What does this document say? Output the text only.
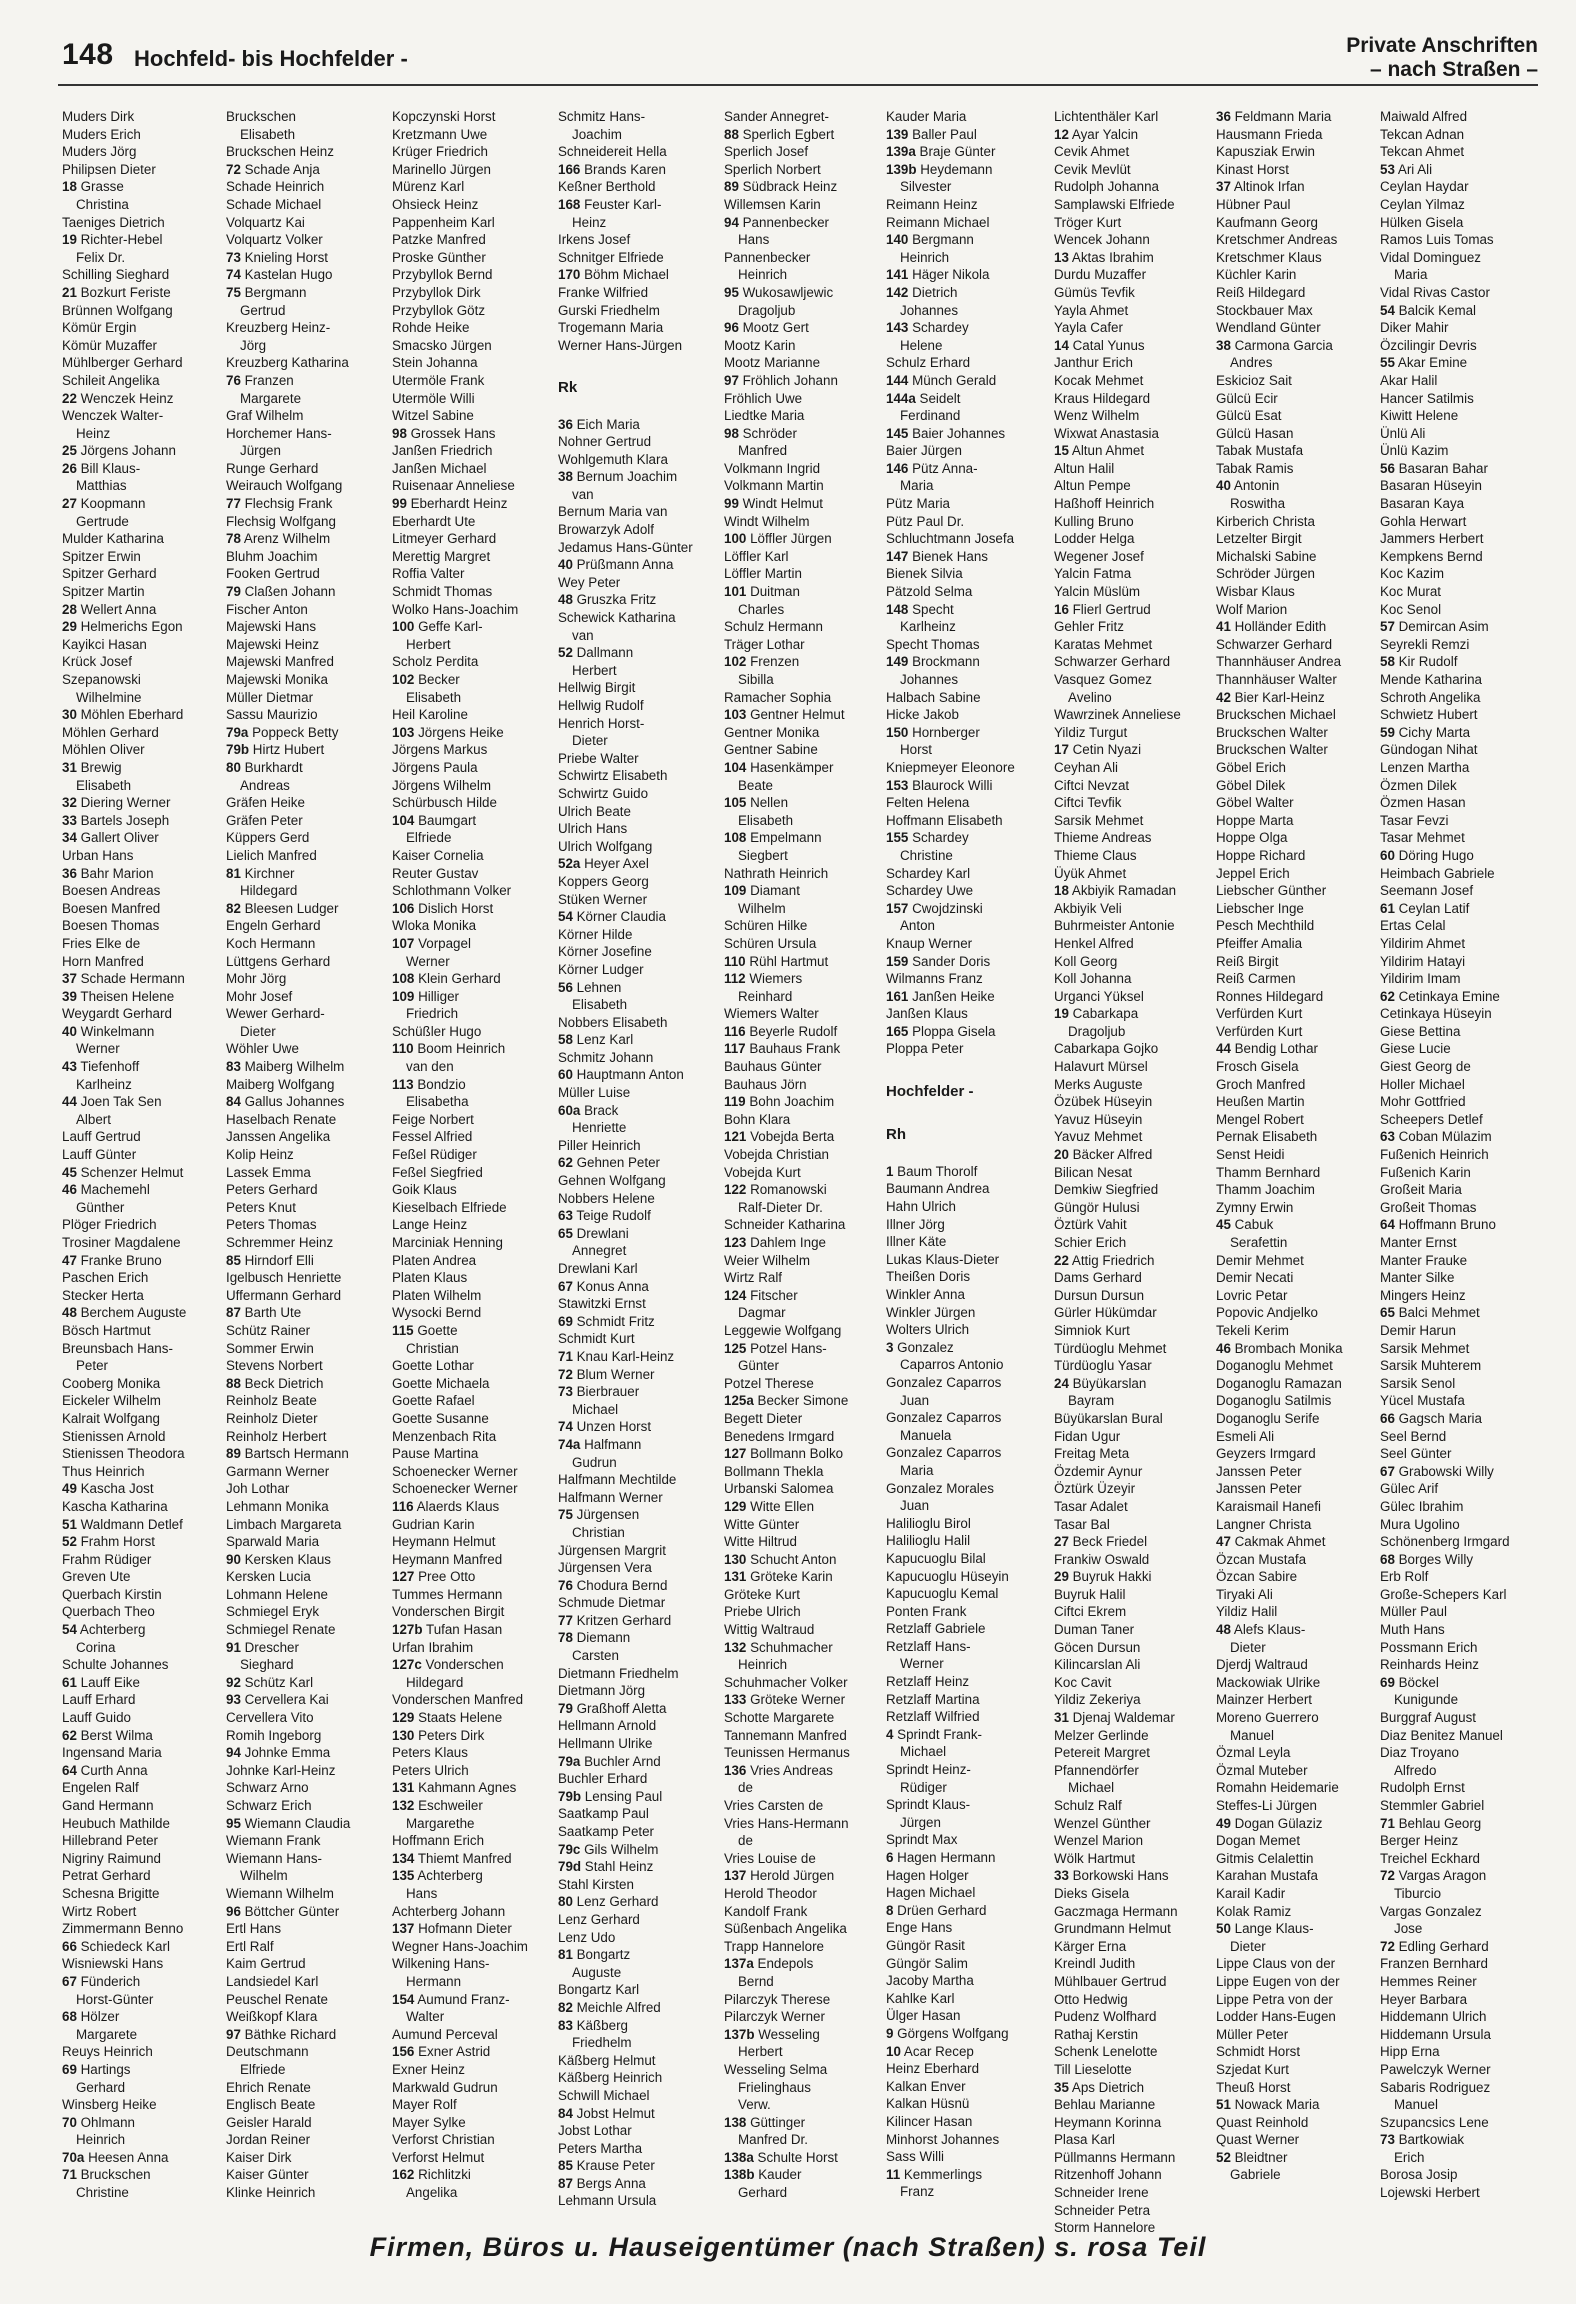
148 Hochfeld- bis Hochfelder -
Private Anschriften
– nach Straßen –
Muders Dirk
Muders Erich
Muders Jörg
Philipsen Dieter
18 Grasse
Christina
Taeniges Dietrich
19 Richter-Hebel
Felix Dr.
Schilling Sieghard
21 Bozkurt Feriste
Brünnen Wolfgang
Kömür Ergin
Kömür Muzaffer
Mühlberger Gerhard
Schileit Angelika
22 Wenczek Heinz
Wenczek Walter-
Heinz
25 Jörgens Johann
26 Bill Klaus-
Matthias
27 Koopmann
Gertrude
Mulder Katharina
Spitzer Erwin
Spitzer Gerhard
Spitzer Martin
28 Wellert Anna
29 Helmerichs Egon
Kayikci Hasan
Krück Josef
Szepanowski
Wilhelmine
30 Möhlen Eberhard
Möhlen Gerhard
Möhlen Oliver
31 Brewig
Elisabeth
32 Diering Werner
33 Bartels Joseph
34 Gallert Oliver
Urban Hans
36 Bahr Marion
Boesen Andreas
Boesen Manfred
Boesen Thomas
Fries Elke de
Horn Manfred
37 Schade Hermann
39 Theisen Helene
Weygardt Gerhard
40 Winkelmann
Werner
43 Tiefenhoff
Karlheinz
44 Joen Tak Sen
Albert
Lauff Gertrud
Lauff Günter
45 Schenzer Helmut
46 Machemehl
Günther
Plöger Friedrich
Trosiner Magdalene
47 Franke Bruno
Paschen Erich
Stecker Herta
48 Berchem Auguste
Bösch Hartmut
Breunsbach Hans-
Peter
Cooberg Monika
Eickeler Wilhelm
Kalrait Wolfgang
Stienissen Arnold
Stienissen Theodora
Thus Heinrich
49 Kascha Jost
Kascha Katharina
51 Waldmann Detlef
52 Frahm Horst
Frahm Rüdiger
Greven Ute
Querbach Kirstin
Querbach Theo
54 Achterberg
Corina
Schulte Johannes
61 Lauff Eike
Lauff Erhard
Lauff Guido
62 Berst Wilma
Ingensand Maria
64 Curth Anna
Engelen Ralf
Gand Hermann
Heubuch Mathilde
Hillebrand Peter
Nigriny Raimund
Petrat Gerhard
Schesna Brigitte
Wirtz Robert
Zimmermann Benno
66 Schiedeck Karl
Wisniewski Hans
67 Fünderich
Horst-Günter
68 Hölzer
Margarete
Reuys Heinrich
69 Hartings
Gerhard
Winsberg Heike
70 Ohlmann
Heinrich
70a Heesen Anna
71 Bruckschen
Christine
Bruckschen
Elisabeth
Bruckschen Heinz
72 Schade Anja
Schade Heinrich
Schade Michael
Volquartz Kai
Volquartz Volker
73 Knieling Horst
74 Kastelan Hugo
75 Bergmann
Gertrud
Kreuzberg Heinz-
Jörg
Kreuzberg Katharina
76 Franzen
Margarete
Graf Wilhelm
Horchemer Hans-
Jürgen
Runge Gerhard
Weirauch Wolfgang
77 Flechsig Frank
Flechsig Wolfgang
78 Arenz Wilhelm
Bluhm Joachim
Fooken Gertrud
79 Claßen Johann
Fischer Anton
Majewski Hans
Majewski Heinz
Majewski Manfred
Majewski Monika
Müller Dietmar
Sassu Maurizio
79a Poppeck Betty
79b Hirtz Hubert
80 Burkhardt
Andreas
Gräfen Heike
Gräfen Peter
Küppers Gerd
Lielich Manfred
81 Kirchner
Hildegard
82 Bleesen Ludger
Engeln Gerhard
Koch Hermann
Lüttgens Gerhard
Mohr Jörg
Mohr Josef
Wewer Gerhard-
Dieter
Wöhler Uwe
83 Maiberg Wilhelm
Maiberg Wolfgang
84 Gallus Johannes
Haselbach Renate
Janssen Angelika
Kolip Heinz
Lassek Emma
Peters Gerhard
Peters Knut
Peters Thomas
Schremmer Heinz
85 Hirndorf Elli
Igelbusch Henriette
Uffermann Gerhard
87 Barth Ute
Schütz Rainer
Sommer Erwin
Stevens Norbert
88 Beck Dietrich
Reinholz Beate
Reinholz Dieter
Reinholz Herbert
89 Bartsch Hermann
Garmann Werner
Joh Lothar
Lehmann Monika
Limbach Margareta
Sparwald Maria
90 Kersken Klaus
Kersken Lucia
Lohmann Helene
Schmiegel Eryk
Schmiegel Renate
91 Drescher
Sieghard
92 Schütz Karl
93 Cervellera Kai
Cervellera Vito
Romih Ingeborg
94 Johnke Emma
Johnke Karl-Heinz
Schwarz Arno
Schwarz Erich
95 Wiemann Claudia
Wiemann Frank
Wiemann Hans-
Wilhelm
Wiemann Wilhelm
96 Böttcher Günter
Ertl Hans
Ertl Ralf
Kaim Gertrud
Landsiedel Karl
Peuschel Renate
Weißkopf Klara
97 Bäthke Richard
Deutschmann
Elfriede
Ehrich Renate
Englisch Beate
Geisler Harald
Jordan Reiner
Kaiser Dirk
Kaiser Günter
Klinke Heinrich
Kopczynski Horst
Kretzmann Uwe
Krüger Friedrich
Marinello Jürgen
Mürenz Karl
Ohsieck Heinz
Pappenheim Karl
Patzke Manfred
Proske Günther
Przybyllok Bernd
Przybyllok Dirk
Przybyllok Götz
Rohde Heike
Smacsko Jürgen
Stein Johanna
Utermöle Frank
Utermöle Willi
Witzel Sabine
98 Grossek Hans
Janßen Friedrich
Janßen Michael
Ruisenaar Anneliese
99 Eberhardt Heinz
Eberhardt Ute
Litmeyer Gerhard
Merettig Margret
Roffia Valter
Schmidt Thomas
Wolko Hans-Joachim
100 Geffe Karl-
Herbert
Scholz Perdita
102 Becker
Elisabeth
Heil Karoline
103 Jörgens Heike
Jörgens Markus
Jörgens Paula
Jörgens Wilhelm
Schürbusch Hilde
104 Baumgart
Elfriede
Kaiser Cornelia
Reuter Gustav
Schlothmann Volker
106 Dislich Horst
Wloka Monika
107 Vorpagel
Werner
108 Klein Gerhard
109 Hilliger
Friedrich
Schüßler Hugo
110 Boom Heinrich
van den
113 Bondzio
Elisabetha
Feige Norbert
Fessel Alfried
Feßel Rüdiger
Feßel Siegfried
Goik Klaus
Kieselbach Elfriede
Lange Heinz
Marciniak Henning
Platen Andrea
Platen Klaus
Platen Wilhelm
Wysocki Bernd
115 Goette
Christian
Goette Lothar
Goette Michaela
Goette Rafael
Goette Susanne
Menzenbach Rita
Pause Martina
Schoenecker Werner
Schoenecker Werner
116 Alaerds Klaus
Gudrian Karin
Heymann Helmut
Heymann Manfred
127 Pree Otto
Tummes Hermann
Vonderschen Birgit
127b Tufan Hasan
Urfan Ibrahim
127c Vonderschen
Hildegard
Vonderschen Manfred
129 Staats Helene
130 Peters Dirk
Peters Klaus
Peters Ulrich
131 Kahmann Agnes
132 Eschweiler
Margarethe
Hoffmann Erich
134 Thiemt Manfred
135 Achterberg
Hans
Achterberg Johann
137 Hofmann Dieter
Wegner Hans-Joachim
Wilkening Hans-
Hermann
154 Aumund Franz-
Walter
Aumund Perceval
156 Exner Astrid
Exner Heinz
Markwald Gudrun
Mayer Rolf
Mayer Sylke
Verforst Christian
Verforst Helmut
162 Richlitzki
Angelika
Schmitz Hans-
Joachim
Schneidereit Hella
166 Brands Karen
Keßner Berthold
168 Feuster Karl-
Heinz
Irkens Josef
Schnitger Elfriede
170 Böhm Michael
Franke Wilfried
Gurski Friedhelm
Trogemann Maria
Werner Hans-Jürgen
Rk
36 Eich Maria
Nohner Gertrud
Wohlgemuth Klara
38 Bernum Joachim
van
Bernum Maria van
Browarzyk Adolf
Jedamus Hans-Günter
40 Prüßmann Anna
Wey Peter
48 Gruszka Fritz
Schewick Katharina
van
52 Dallmann
Herbert
Hellwig Birgit
Hellwig Rudolf
Henrich Horst-
Dieter
Priebe Walter
Schwirtz Elisabeth
Schwirtz Guido
Ulrich Beate
Ulrich Hans
Ulrich Wolfgang
52a Heyer Axel
Koppers Georg
Stüken Werner
54 Körner Claudia
Körner Hilde
Körner Josefine
Körner Ludger
56 Lehnen
Elisabeth
Nobbers Elisabeth
58 Lenz Karl
Schmitz Johann
60 Hauptmann Anton
Müller Luise
60a Brack
Henriette
Piller Heinrich
62 Gehnen Peter
Gehnen Wolfgang
Nobbers Helene
63 Teige Rudolf
65 Drewlani
Annegret
Drewlani Karl
67 Konus Anna
Stawitzki Ernst
69 Schmidt Fritz
Schmidt Kurt
71 Knau Karl-Heinz
72 Blum Werner
73 Bierbrauer
Michael
74 Unzen Horst
74a Halfmann
Gudrun
Halfmann Mechtilde
Halfmann Werner
75 Jürgensen
Christian
Jürgensen Margrit
Jürgensen Vera
76 Chodura Bernd
Schmude Dietmar
77 Kritzen Gerhard
78 Diemann
Carsten
Dietmann Friedhelm
Dietmann Jörg
79 Graßhoff Aletta
Hellmann Arnold
Hellmann Ulrike
79a Buchler Arnd
Buchler Erhard
79b Lensing Paul
Saatkamp Paul
Saatkamp Peter
79c Gils Wilhelm
79d Stahl Heinz
Stahl Kirsten
80 Lenz Gerhard
Lenz Gerhard
Lenz Udo
81 Bongartz
Auguste
Bongartz Karl
82 Meichle Alfred
83 Käßberg
Friedhelm
Käßberg Helmut
Käßberg Heinrich
Schwill Michael
84 Jobst Helmut
Jobst Lothar
Peters Martha
85 Krause Peter
87 Bergs Anna
Lehmann Ursula
Sander Annegret-
88 Sperlich Egbert
Sperlich Josef
Sperlich Norbert
89 Südbrack Heinz
Willemsen Karin
94 Pannenbecker
Hans
Pannenbecker
Heinrich
95 Wukosawljewic
Dragoljub
96 Mootz Gert
Mootz Karin
Mootz Marianne
97 Fröhlich Johann
Fröhlich Uwe
Liedtke Maria
98 Schröder
Manfred
Volkmann Ingrid
Volkmann Martin
99 Windt Helmut
Windt Wilhelm
100 Löffler Jürgen
Löffler Karl
Löffler Martin
101 Duitman
Charles
Schulz Hermann
Träger Lothar
102 Frenzen
Sibilla
Ramacher Sophia
103 Gentner Helmut
Gentner Monika
Gentner Sabine
104 Hasenkämper
Beate
105 Nellen
Elisabeth
108 Empelmann
Siegbert
Nathrath Heinrich
109 Diamant
Wilhelm
Schüren Hilke
Schüren Ursula
110 Rühl Hartmut
112 Wiemers
Reinhard
Wiemers Walter
116 Beyerle Rudolf
117 Bauhaus Frank
Bauhaus Günter
Bauhaus Jörn
119 Bohn Joachim
Bohn Klara
121 Vobejda Berta
Vobejda Christian
Vobejda Kurt
122 Romanowski
Ralf-Dieter Dr.
Schneider Katharina
123 Dahlem Inge
Weier Wilhelm
Wirtz Ralf
124 Fitscher
Dagmar
Leggewie Wolfgang
125 Potzel Hans-
Günter
Potzel Therese
125a Becker Simone
Begett Dieter
Benedens Irmgard
127 Bollmann Bolko
Bollmann Thekla
Urbanski Salomea
129 Witte Ellen
Witte Günter
Witte Hiltrud
130 Schucht Anton
131 Gröteke Karin
Gröteke Kurt
Priebe Ulrich
Wittig Waltraud
132 Schuhmacher
Heinrich
Schuhmacher Volker
133 Gröteke Werner
Schotte Margarete
Tannemann Manfred
Teunissen Hermanus
136 Vries Andreas
de
Vries Carsten de
Vries Hans-Hermann
de
Vries Louise de
137 Herold Jürgen
Herold Theodor
Kandolf Frank
Süßenbach Angelika
Trapp Hannelore
137a Endepols
Bernd
Pilarczyk Therese
Pilarczyk Werner
137b Wesseling
Herbert
Wesseling Selma
Frielinghaus
Verw.
138 Güttinger
Manfred Dr.
138a Schulte Horst
138b Kauder
Gerhard
Kauder Maria
139 Baller Paul
139a Braje Günter
139b Heydemann
Silvester
Reimann Heinz
Reimann Michael
140 Bergmann
Heinrich
141 Häger Nikola
142 Dietrich
Johannes
143 Schardey
Helene
Schulz Erhard
144 Münch Gerald
144a Seidelt
Ferdinand
145 Baier Johannes
Baier Jürgen
146 Pütz Anna-
Maria
Pütz Maria
Pütz Paul Dr.
Schluchtmann Josefa
147 Bienek Hans
Bienek Silvia
Pätzold Selma
148 Specht
Karlheinz
Specht Thomas
149 Brockmann
Johannes
Halbach Sabine
Hicke Jakob
150 Hornberger
Horst
Kniepmeyer Eleonore
153 Blaurock Willi
Felten Helena
Hoffmann Elisabeth
155 Schardey
Christine
Schardey Karl
Schardey Uwe
157 Cwojdzinski
Anton
Knaup Werner
159 Sander Doris
Wilmanns Franz
161 Janßen Heike
Janßen Klaus
165 Ploppa Gisela
Ploppa Peter
Hochfelder -
Rh
1 Baum Thorolf
Baumann Andrea
Hahn Ulrich
Illner Jörg
Illner Käte
Lukas Klaus-Dieter
Theißen Doris
Winkler Anna
Winkler Jürgen
Wolters Ulrich
3 Gonzalez
Caparros Antonio
Gonzalez Caparros
Juan
Gonzalez Caparros
Manuela
Gonzalez Caparros
Maria
Gonzalez Morales
Juan
Halilioglu Birol
Halilioglu Halil
Kapucuoglu Bilal
Kapucuoglu Hüseyin
Kapucuoglu Kemal
Ponten Frank
Retzlaff Gabriele
Retzlaff Hans-
Werner
Retzlaff Heinz
Retzlaff Martina
Retzlaff Wilfried
4 Sprindt Frank-
Michael
Sprindt Heinz-
Rüdiger
Sprindt Klaus-
Jürgen
Sprindt Max
6 Hagen Hermann
Hagen Holger
Hagen Michael
8 Drüen Gerhard
Enge Hans
Güngör Rasit
Güngör Salim
Jacoby Martha
Kahlke Karl
Ülger Hasan
9 Görgens Wolfgang
10 Acar Recep
Heinz Eberhard
Kalkan Enver
Kalkan Hüsnü
Kilincer Hasan
Minhorst Johannes
Sass Willi
11 Kemmerlings
Franz
Lichtenthäler Karl
12 Ayar Yalcin
Cevik Ahmet
Cevik Mevlüt
Rudolph Johanna
Samplawski Elfriede
Tröger Kurt
Wencek Johann
13 Aktas Ibrahim
Durdu Muzaffer
Gümüs Tevfik
Yayla Ahmet
Yayla Cafer
14 Catal Yunus
Janthur Erich
Kocak Mehmet
Kraus Hildegard
Wenz Wilhelm
Wixwat Anastasia
15 Altun Ahmet
Altun Halil
Altun Pempe
Haßhoff Heinrich
Kulling Bruno
Lodder Helga
Wegener Josef
Yalcin Fatma
Yalcin Müslüm
16 Flierl Gertrud
Gehler Fritz
Karatas Mehmet
Schwarzer Gerhard
Vasquez Gomez
Avelino
Wawrzinek Anneliese
Yildiz Turgut
17 Cetin Nyazi
Ceyhan Ali
Ciftci Nevzat
Ciftci Tevfik
Sarsik Mehmet
Thieme Andreas
Thieme Claus
Üyük Ahmet
18 Akbiyik Ramadan
Akbiyik Veli
Buhrmeister Antonie
Henkel Alfred
Koll Georg
Koll Johanna
Urganci Yüksel
19 Cabarkapa
Dragoljub
Cabarkapa Gojko
Halavurt Mürsel
Merks Auguste
Özübek Hüseyin
Yavuz Hüseyin
Yavuz Mehmet
20 Bäcker Alfred
Bilican Nesat
Demkiw Siegfried
Güngör Hulusi
Öztürk Vahit
Schier Erich
22 Attig Friedrich
Dams Gerhard
Dursun Dursun
Gürler Hükümdar
Simniok Kurt
Türdüoglu Mehmet
Türdüoglu Yasar
24 Büyükarslan
Bayram
Büyükarslan Bural
Fidan Ugur
Freitag Meta
Özdemir Aynur
Öztürk Üzeyir
Tasar Adalet
Tasar Bal
27 Beck Friedel
Frankiw Oswald
29 Buyruk Hakki
Buyruk Halil
Ciftci Ekrem
Duman Taner
Göcen Dursun
Kilincarslan Ali
Koc Cavit
Yildiz Zekeriya
31 Djenaj Waldemar
Melzer Gerlinde
Petereit Margret
Pfannendörfer
Michael
Schulz Ralf
Wenzel Günther
Wenzel Marion
Wölk Hartmut
33 Borkowski Hans
Dieks Gisela
Gaczmaga Hermann
Grundmann Helmut
Kärger Erna
Kreindl Judith
Mühlbauer Gertrud
Otto Hedwig
Pudenz Wolfhard
Rathaj Kerstin
Schenk Lenelotte
Till Lieselotte
35 Aps Dietrich
Behlau Marianne
Heymann Korinna
Plasa Karl
Püllmanns Hermann
Ritzenhoff Johann
Schneider Irene
Schneider Petra
Storm Hannelore
36 Feldmann Maria
Hausmann Frieda
Kapusziak Erwin
Kinast Horst
37 Altinok Irfan
Hübner Paul
Kaufmann Georg
Kretschmer Andreas
Kretschmer Klaus
Küchler Karin
Reiß Hildegard
Stockbauer Max
Wendland Günter
38 Carmona Garcia
Andres
Eskicioz Sait
Gülcü Ecir
Gülcü Esat
Gülcü Hasan
Tabak Mustafa
Tabak Ramis
40 Antonin
Roswitha
Kirberich Christa
Letzelter Birgit
Michalski Sabine
Schröder Jürgen
Wisbar Klaus
Wolf Marion
41 Holländer Edith
Schwarzer Gerhard
Thannhäuser Andrea
Thannhäuser Walter
42 Bier Karl-Heinz
Bruckschen Michael
Bruckschen Walter
Bruckschen Walter
Göbel Erich
Göbel Dilek
Göbel Walter
Hoppe Marta
Hoppe Olga
Hoppe Richard
Jeppel Erich
Liebscher Günther
Liebscher Inge
Pesch Mechthild
Pfeiffer Amalia
Reiß Birgit
Reiß Carmen
Ronnes Hildegard
Verfürden Kurt
Verfürden Kurt
44 Bendig Lothar
Frosch Gisela
Groch Manfred
Heußen Martin
Mengel Robert
Pernak Elisabeth
Senst Heidi
Thamm Bernhard
Thamm Joachim
Zymny Erwin
45 Cabuk
Serafettin
Demir Mehmet
Demir Necati
Lovric Petar
Popovic Andjelko
Tekeli Kerim
46 Brombach Monika
Doganoglu Mehmet
Doganoglu Ramazan
Doganoglu Satilmis
Doganoglu Serife
Esmeli Ali
Geyzers Irmgard
Janssen Peter
Janssen Peter
Karaismail Hanefi
Langner Christa
47 Cakmak Ahmet
Özcan Mustafa
Özcan Sabire
Tiryaki Ali
Yildiz Halil
48 Alefs Klaus-
Dieter
Djerdj Waltraud
Mackowiak Ulrike
Mainzer Herbert
Moreno Guerrero
Manuel
Özmal Leyla
Özmal Muteber
Romahn Heidemarie
Steffes-Li Jürgen
49 Dogan Gülaziz
Dogan Memet
Gitmis Celalettin
Karahan Mustafa
Karail Kadir
Kolak Ramiz
50 Lange Klaus-
Dieter
Lippe Claus von der
Lippe Eugen von der
Lippe Petra von der
Lodder Hans-Eugen
Müller Peter
Schmidt Horst
Szjedat Kurt
Theuß Horst
51 Nowack Maria
Quast Reinhold
Quast Werner
52 Bleidtner
Gabriele
Maiwald Alfred
Tekcan Adnan
Tekcan Ahmet
53 Ari Ali
Ceylan Haydar
Ceylan Yilmaz
Hülken Gisela
Ramos Luis Tomas
Vidal Dominguez
Maria
Vidal Rivas Castor
54 Balcik Kemal
Diker Mahir
Özcilingir Devris
55 Akar Emine
Akar Halil
Hancer Satilmis
Kiwitt Helene
Ünlü Ali
Ünlü Kazim
56 Basaran Bahar
Basaran Hüseyin
Basaran Kaya
Gohla Herwart
Jammers Herbert
Kempkens Bernd
Koc Kazim
Koc Murat
Koc Senol
57 Demircan Asim
Seyrekli Remzi
58 Kir Rudolf
Mende Katharina
Schroth Angelika
Schwietz Hubert
59 Cichy Marta
Gündogan Nihat
Lenzen Martha
Özmen Dilek
Özmen Hasan
Tasar Fevzi
Tasar Mehmet
60 Döring Hugo
Heimbach Gabriele
Seemann Josef
61 Ceylan Latif
Ertas Celal
Yildirim Ahmet
Yildirim Hatayi
Yildirim Imam
62 Cetinkaya Emine
Cetinkaya Hüseyin
Giese Bettina
Giese Lucie
Giest Georg de
Holler Michael
Mohr Gottfried
Scheepers Detlef
63 Coban Mülazim
Fußenich Heinrich
Fußenich Karin
Großeit Maria
Großeit Thomas
64 Hoffmann Bruno
Manter Ernst
Manter Frauke
Manter Silke
Mingers Heinz
65 Balci Mehmet
Demir Harun
Sarsik Mehmet
Sarsik Muhterem
Sarsik Senol
Yücel Mustafa
66 Gagsch Maria
Seel Bernd
Seel Günter
67 Grabowski Willy
Gülec Arif
Gülec Ibrahim
Mura Ugolino
Schönenberg Irmgard
68 Borges Willy
Erb Rolf
Große-Schepers Karl
Müller Paul
Muth Hans
Possmann Erich
Reinhards Heinz
69 Böckel
Kunigunde
Burggraf August
Diaz Benitez Manuel
Diaz Troyano
Alfredo
Rudolph Ernst
Stemmler Gabriel
71 Behlau Georg
Berger Heinz
Treichel Eckhard
72 Vargas Aragon
Tiburcio
Vargas Gonzalez
Jose
72 Edling Gerhard
Franzen Bernhard
Hemmes Reiner
Heyer Barbara
Hiddemann Ulrich
Hiddemann Ursula
Hipp Erna
Pawelczyk Werner
Sabaris Rodriguez
Manuel
Szupancsics Lene
73 Bartkowiak
Erich
Borosa Josip
Lojewski Herbert
Firmen, Büros u. Hauseigentümer (nach Straßen) s. rosa Teil
